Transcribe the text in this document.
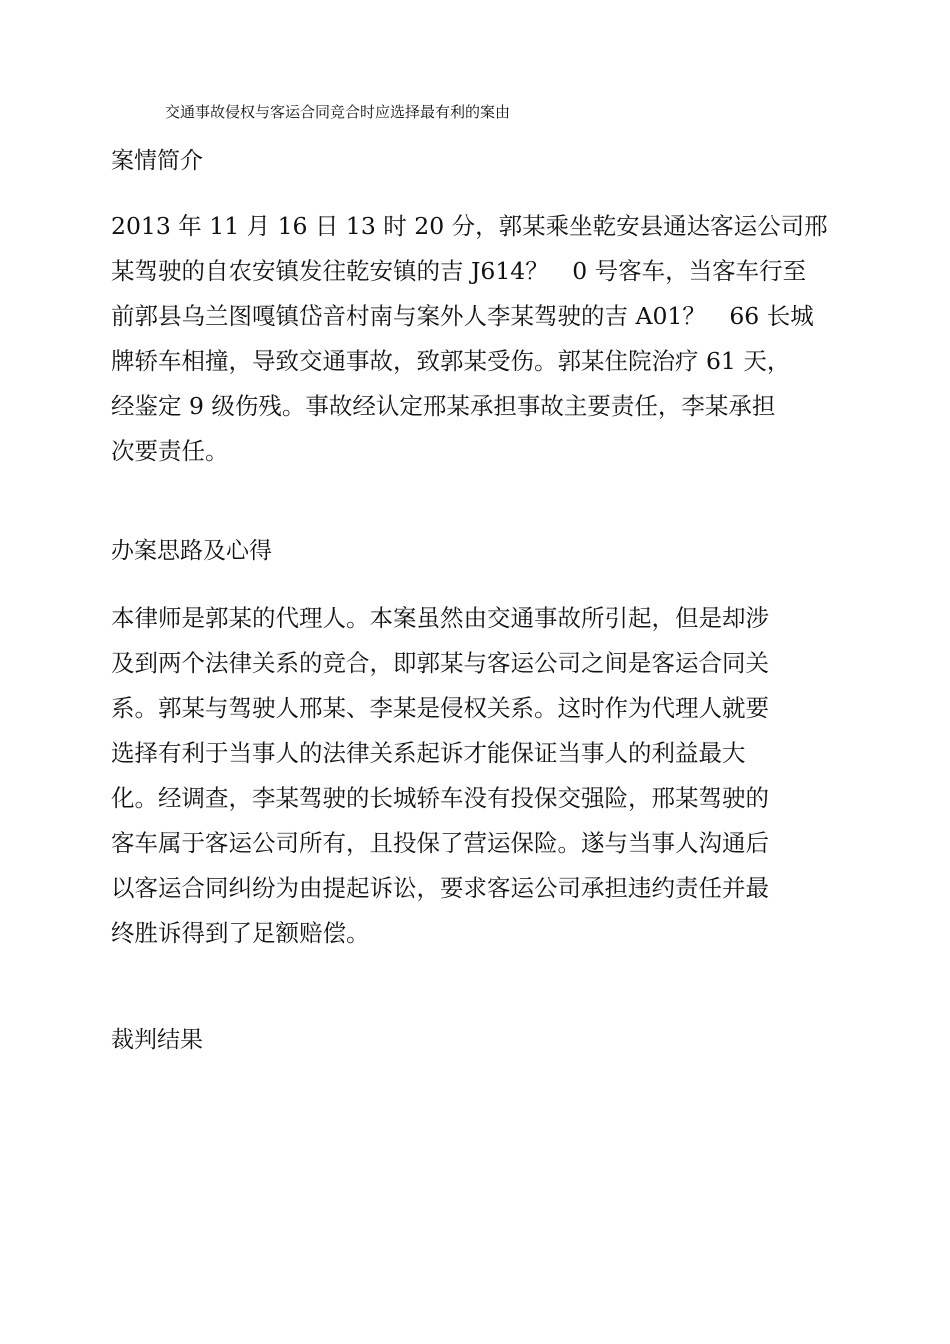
交通事故侵权与客运合同竞合时应选择最有利的案由
案情简介
2013 年 11 月 16 日 13 时 20 分，郭某乘坐乾安县通达客运公司邢
某驾驶的自农安镇发往乾安镇的吉 J614？　0 号客车，当客车行至
前郭县乌兰图嘎镇岱音村南与案外人李某驾驶的吉 A01？　66 长城
牌轿车相撞，导致交通事故，致郭某受伤。郭某住院治疗 61 天，
经鉴定 9 级伤残。事故经认定邢某承担事故主要责任，李某承担
次要责任。
办案思路及心得
本律师是郭某的代理人。本案虽然由交通事故所引起，但是却涉
及到两个法律关系的竞合，即郭某与客运公司之间是客运合同关
系。郭某与驾驶人邢某、李某是侵权关系。这时作为代理人就要
选择有利于当事人的法律关系起诉才能保证当事人的利益最大
化。经调查，李某驾驶的长城轿车没有投保交强险，邢某驾驶的
客车属于客运公司所有，且投保了营运保险。遂与当事人沟通后
以客运合同纠纷为由提起诉讼，要求客运公司承担违约责任并最
终胜诉得到了足额赔偿。
裁判结果
